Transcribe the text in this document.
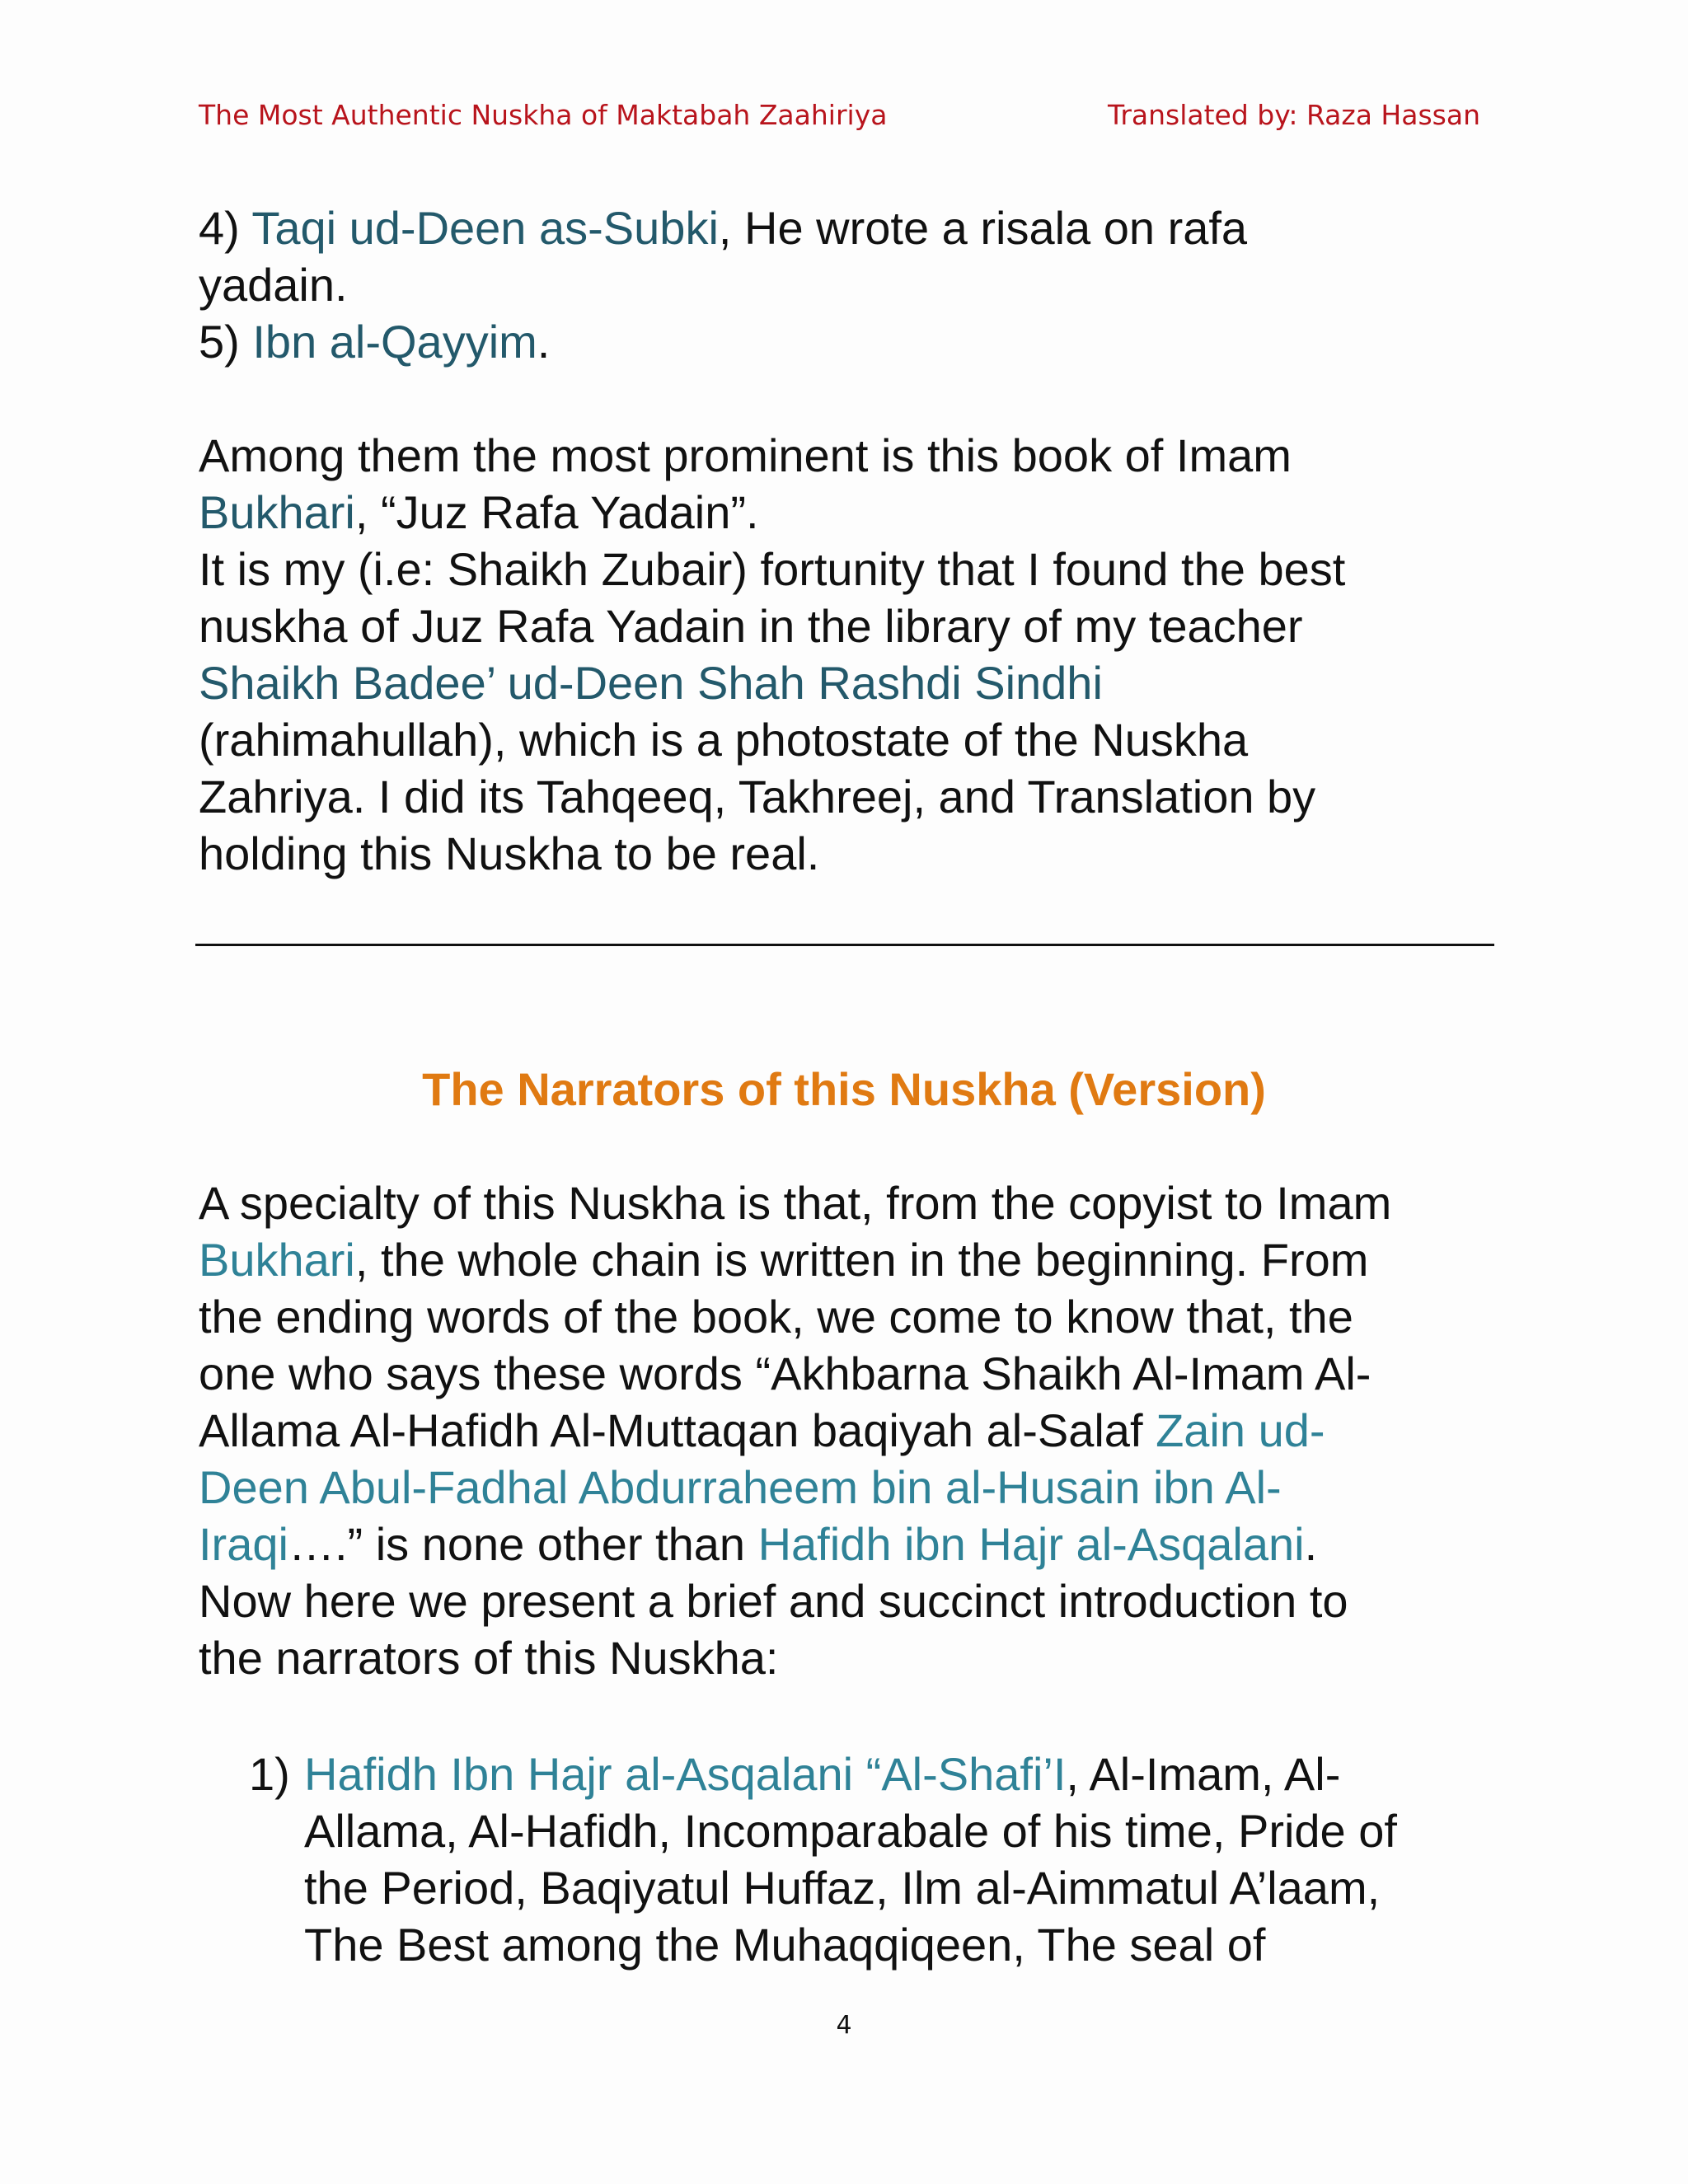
The Most Authentic Nuskha of Maktabah Zaahiriya	Translated by: Raza Hassan
4) Taqi ud-Deen as-Subki, He wrote a risala on rafa
yadain.
5) Ibn al-Qayyim.
Among them the most prominent is this book of Imam
Bukhari, “Juz Rafa Yadain”.
It is my (i.e: Shaikh Zubair) fortunity that I found the best
nuskha of Juz Rafa Yadain in the library of my teacher
Shaikh Badee’ ud-Deen Shah Rashdi Sindhi
(rahimahullah), which is a photostate of the Nuskha
Zahriya. I did its Tahqeeq, Takhreej, and Translation by
holding this Nuskha to be real.
The Narrators of this Nuskha (Version)
A specialty of this Nuskha is that, from the copyist to Imam
Bukhari, the whole chain is written in the beginning. From
the ending words of the book, we come to know that, the
one who says these words “Akhbarna Shaikh Al-Imam Al-
Allama Al-Hafidh Al-Muttaqan baqiyah al-Salaf Zain ud-
Deen Abul-Fadhal Abdurraheem bin al-Husain ibn Al-
Iraqi….” is none other than Hafidh ibn Hajr al-Asqalani.
Now here we present a brief and succinct introduction to
the narrators of this Nuskha:
1) Hafidh Ibn Hajr al-Asqalani “Al-Shafi’I, Al-Imam, Al-
Allama, Al-Hafidh, Incomparabale of his time, Pride of
the Period, Baqiyatul Huffaz, Ilm al-Aimmatul A’laam,
The Best among the Muhaqqiqeen, The seal of
4
